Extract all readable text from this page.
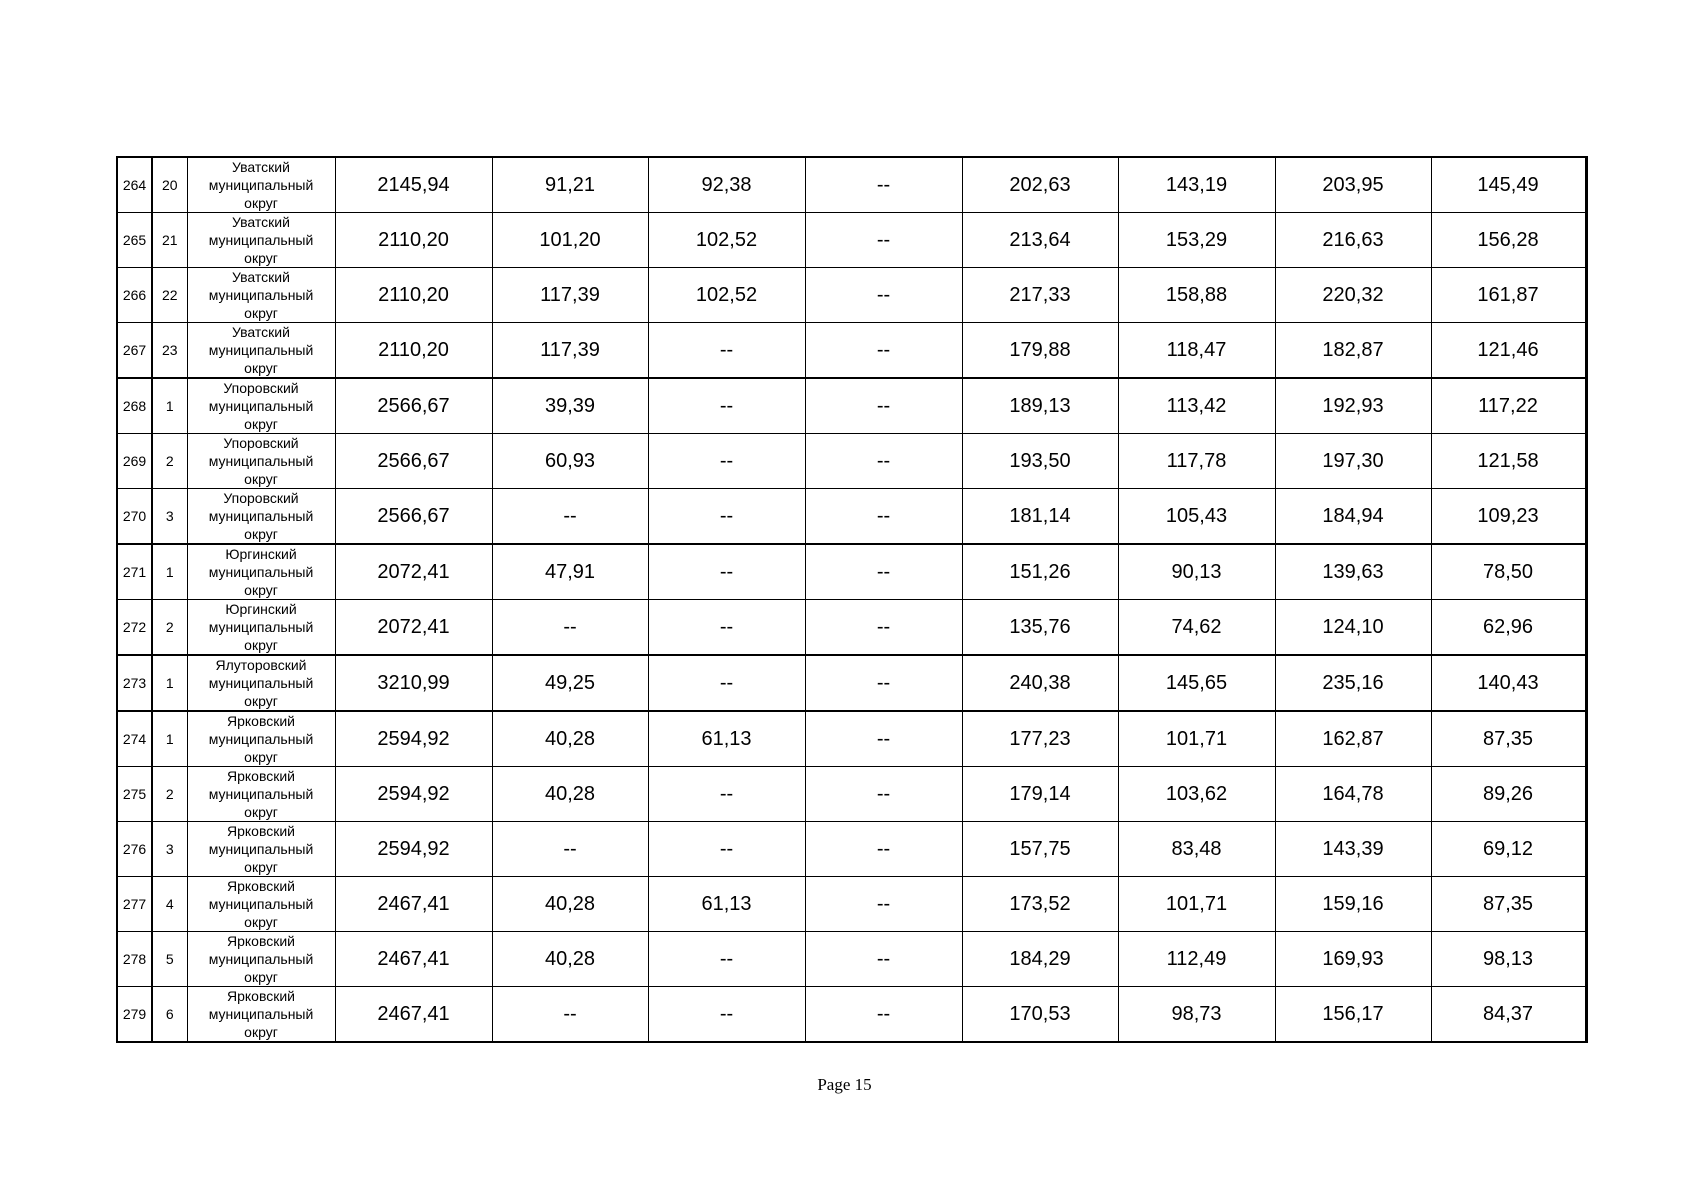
264	20	Уватский
муниципальный
округ	2145,94	91,21	92,38	--	202,63	143,19	203,95	145,49
265	21	Уватский
муниципальный
округ	2110,20	101,20	102,52	--	213,64	153,29	216,63	156,28
266	22	Уватский
муниципальный
округ	2110,20	117,39	102,52	--	217,33	158,88	220,32	161,87
267	23	Уватский
муниципальный
округ	2110,20	117,39	--	--	179,88	118,47	182,87	121,46
268	1	Упоровский
муниципальный
округ	2566,67	39,39	--	--	189,13	113,42	192,93	117,22
269	2	Упоровский
муниципальный
округ	2566,67	60,93	--	--	193,50	117,78	197,30	121,58
270	3	Упоровский
муниципальный
округ	2566,67	--	--	--	181,14	105,43	184,94	109,23
271	1	Юргинский
муниципальный
округ	2072,41	47,91	--	--	151,26	90,13	139,63	78,50
272	2	Юргинский
муниципальный
округ	2072,41	--	--	--	135,76	74,62	124,10	62,96
273	1	Ялуторовский
муниципальный
округ	3210,99	49,25	--	--	240,38	145,65	235,16	140,43
274	1	Ярковский
муниципальный
округ	2594,92	40,28	61,13	--	177,23	101,71	162,87	87,35
275	2	Ярковский
муниципальный
округ	2594,92	40,28	--	--	179,14	103,62	164,78	89,26
276	3	Ярковский
муниципальный
округ	2594,92	--	--	--	157,75	83,48	143,39	69,12
277	4	Ярковский
муниципальный
округ	2467,41	40,28	61,13	--	173,52	101,71	159,16	87,35
278	5	Ярковский
муниципальный
округ	2467,41	40,28	--	--	184,29	112,49	169,93	98,13
279	6	Ярковский
муниципальный
округ	2467,41	--	--	--	170,53	98,73	156,17	84,37
Page 15
